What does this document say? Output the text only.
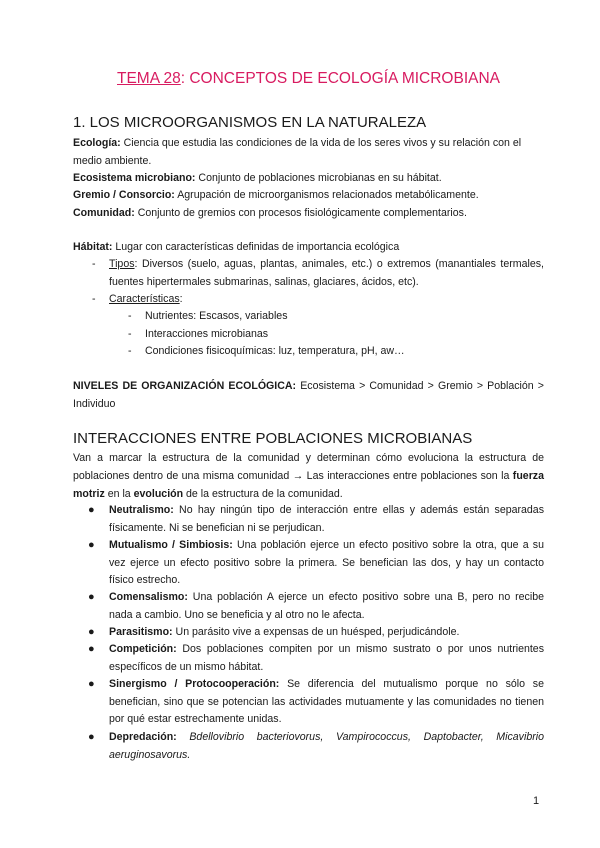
TEMA 28: CONCEPTOS DE ECOLOGÍA MICROBIANA
1. LOS MICROORGANISMOS EN LA NATURALEZA
Ecología: Ciencia que estudia las condiciones de la vida de los seres vivos y su relación con el medio ambiente.
Ecosistema microbiano: Conjunto de poblaciones microbianas en su hábitat.
Gremio / Consorcio: Agrupación de microorganismos relacionados metabólicamente.
Comunidad: Conjunto de gremios con procesos fisiológicamente complementarios.
Hábitat: Lugar con características definidas de importancia ecológica
- Tipos: Diversos (suelo, aguas, plantas, animales, etc.) o extremos (manantiales termales, fuentes hipertermales submarinas, salinas, glaciares, ácidos, etc).
- Características:
- Nutrientes: Escasos, variables
- Interacciones microbianas
- Condiciones fisicoquímicas: luz, temperatura, pH, aw…
NIVELES DE ORGANIZACIÓN ECOLÓGICA: Ecosistema > Comunidad > Gremio > Población > Individuo
INTERACCIONES ENTRE POBLACIONES MICROBIANAS
Van a marcar la estructura de la comunidad y determinan cómo evoluciona la estructura de poblaciones dentro de una misma comunidad → Las interacciones entre poblaciones son la fuerza motriz en la evolución de la estructura de la comunidad.
● Neutralismo: No hay ningún tipo de interacción entre ellas y además están separadas físicamente. Ni se benefician ni se perjudican.
● Mutualismo / Simbiosis: Una población ejerce un efecto positivo sobre la otra, que a su vez ejerce un efecto positivo sobre la primera. Se benefician las dos, y hay un contacto físico estrecho.
● Comensalismo: Una población A ejerce un efecto positivo sobre una B, pero no recibe nada a cambio. Uno se beneficia y al otro no le afecta.
● Parasitismo: Un parásito vive a expensas de un huésped, perjudicándole.
● Competición: Dos poblaciones compiten por un mismo sustrato o por unos nutrientes específicos de un mismo hábitat.
● Sinergismo / Protocooperación: Se diferencia del mutualismo porque no sólo se benefician, sino que se potencian las actividades mutuamente y las comunidades no tienen por qué estar estrechamente unidas.
● Depredación: Bdellovibrio bacteriovorus, Vampirococcus, Daptobacter, Micavibrio aeruginosavorus.
1
